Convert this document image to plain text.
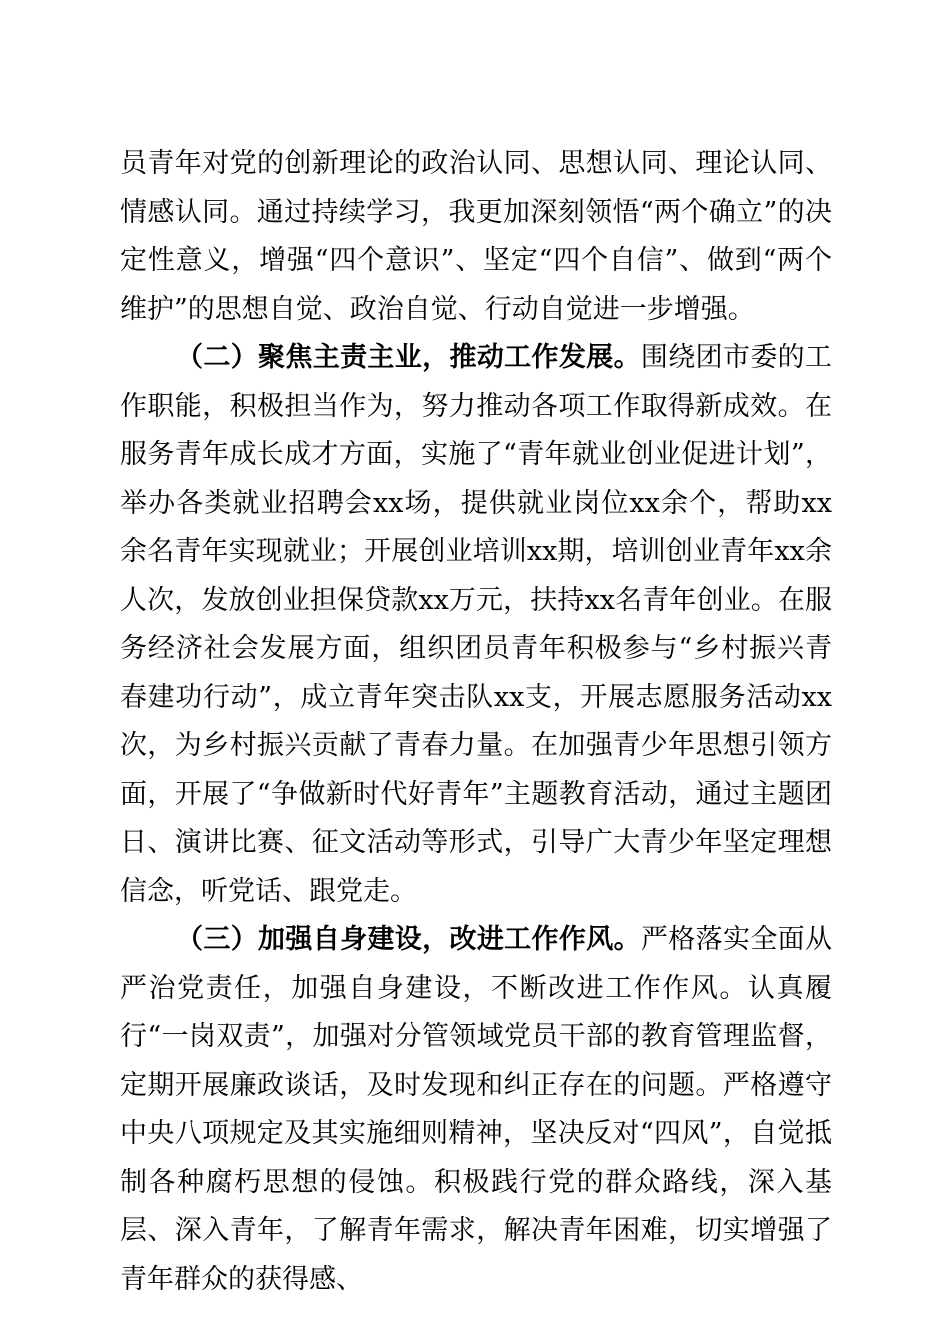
员青年对党的创新理论的政治认同、思想认同、理论认同、情感认同。通过持续学习，我更加深刻领悟“两个确立”的决定性意义，增强“四个意识”、坚定“四个自信”、做到“两个维护”的思想自觉、政治自觉、行动自觉进一步增强。

（二）聚焦主责主业，推动工作发展。围绕团市委的工作职能，积极担当作为，努力推动各项工作取得新成效。在服务青年成长成才方面，实施了“青年就业创业促进计划”，举办各类就业招聘会xx场，提供就业岗位xx余个，帮助xx余名青年实现就业；开展创业培训xx期，培训创业青年xx余人次，发放创业担保贷款xx万元，扶持xx名青年创业。在服务经济社会发展方面，组织团员青年积极参与“乡村振兴青春建功行动”，成立青年突击队xx支，开展志愿服务活动xx次，为乡村振兴贡献了青春力量。在加强青少年思想引领方面，开展了“争做新时代好青年”主题教育活动，通过主题团日、演讲比赛、征文活动等形式，引导广大青少年坚定理想信念，听党话、跟党走。

（三）加强自身建设，改进工作作风。严格落实全面从严治党责任，加强自身建设，不断改进工作作风。认真履行“一岗双责”，加强对分管领域党员干部的教育管理监督，定期开展廉政谈话，及时发现和纠正存在的问题。严格遵守中央八项规定及其实施细则精神，坚决反对“四风”，自觉抵制各种腐朽思想的侵蚀。积极践行党的群众路线，深入基层、深入青年，了解青年需求，解决青年困难，切实增强了青年群众的获得感、
